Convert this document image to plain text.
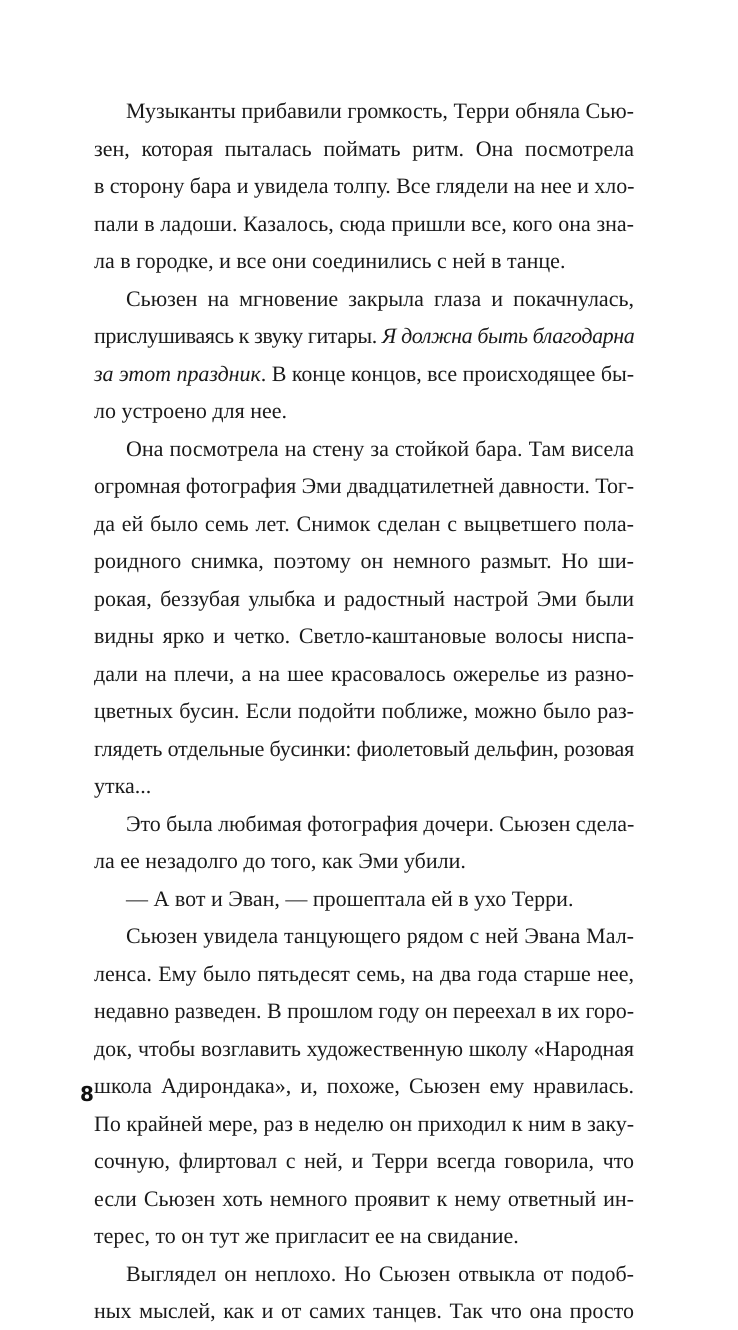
Музыканты прибавили громкость, Терри обняла Сью-
зен, которая пыталась поймать ритм. Она посмотрела
в сторону бара и увидела толпу. Все глядели на нее и хло-
пали в ладоши. Казалось, сюда пришли все, кого она зна-
ла в городке, и все они соединились с ней в танце.
Сьюзен на мгновение закрыла глаза и покачнулась,
прислушиваясь к звуку гитары. Я должна быть благодарна
за этот праздник. В конце концов, все происходящее бы-
ло устроено для нее.
Она посмотрела на стену за стойкой бара. Там висела
огромная фотография Эми двадцатилетней давности. Тог-
да ей было семь лет. Снимок сделан с выцветшего пола-
роидного снимка, поэтому он немного размыт. Но ши-
рокая, беззубая улыбка и радостный настрой Эми были
видны ярко и четко. Светло-каштановые волосы ниспа-
дали на плечи, а на шее красовалось ожерелье из разно-
цветных бусин. Если подойти поближе, можно было раз-
глядеть отдельные бусинки: фиолетовый дельфин, розовая
утка...
Это была любимая фотография дочери. Сьюзен сдела-
ла ее незадолго до того, как Эми убили.
— А вот и Эван, — прошептала ей в ухо Терри.
Сьюзен увидела танцующего рядом с ней Эвана Мал-
ленса. Ему было пятьдесят семь, на два года старше нее,
недавно разведен. В прошлом году он переехал в их горо-
док, чтобы возглавить художественную школу «Народная
школа Адирондака», и, похоже, Сьюзен ему нравилась.
По крайней мере, раз в неделю он приходил к ним в заку-
сочную, флиртовал с ней, и Терри всегда говорила, что
если Сьюзен хоть немного проявит к нему ответный ин-
терес, то он тут же пригласит ее на свидание.
Выглядел он неплохо. Но Сьюзен отвыкла от подоб-
ных мыслей, как и от самих танцев. Так что она просто
8
